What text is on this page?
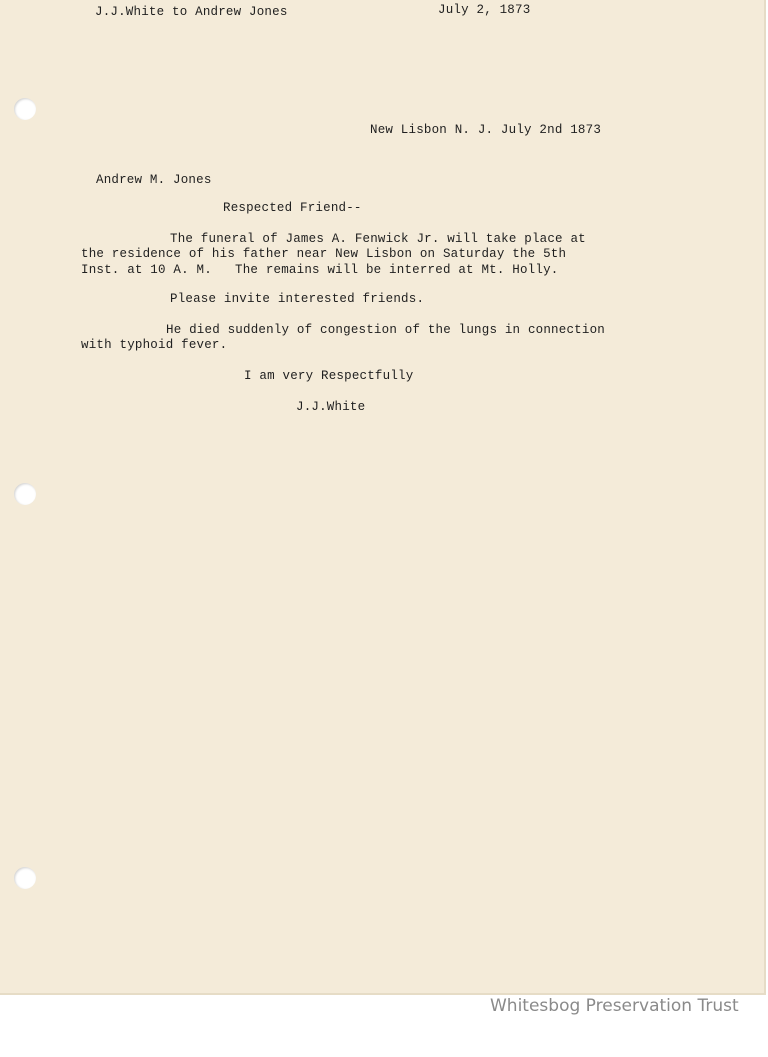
J.J.White to Andrew Jones	July 2, 1873
New Lisbon N. J. July 2nd 1873
Andrew M. Jones
Respected Friend--
The funeral of James A. Fenwick Jr. will take place at
the residence of his father near New Lisbon on Saturday the 5th
Inst. at 10 A. M.   The remains will be interred at Mt. Holly.
Please invite interested friends.
He died suddenly of congestion of the lungs in connection
with typhoid fever.
I am very Respectfully
J.J.White
Whitesbog Preservation Trust
